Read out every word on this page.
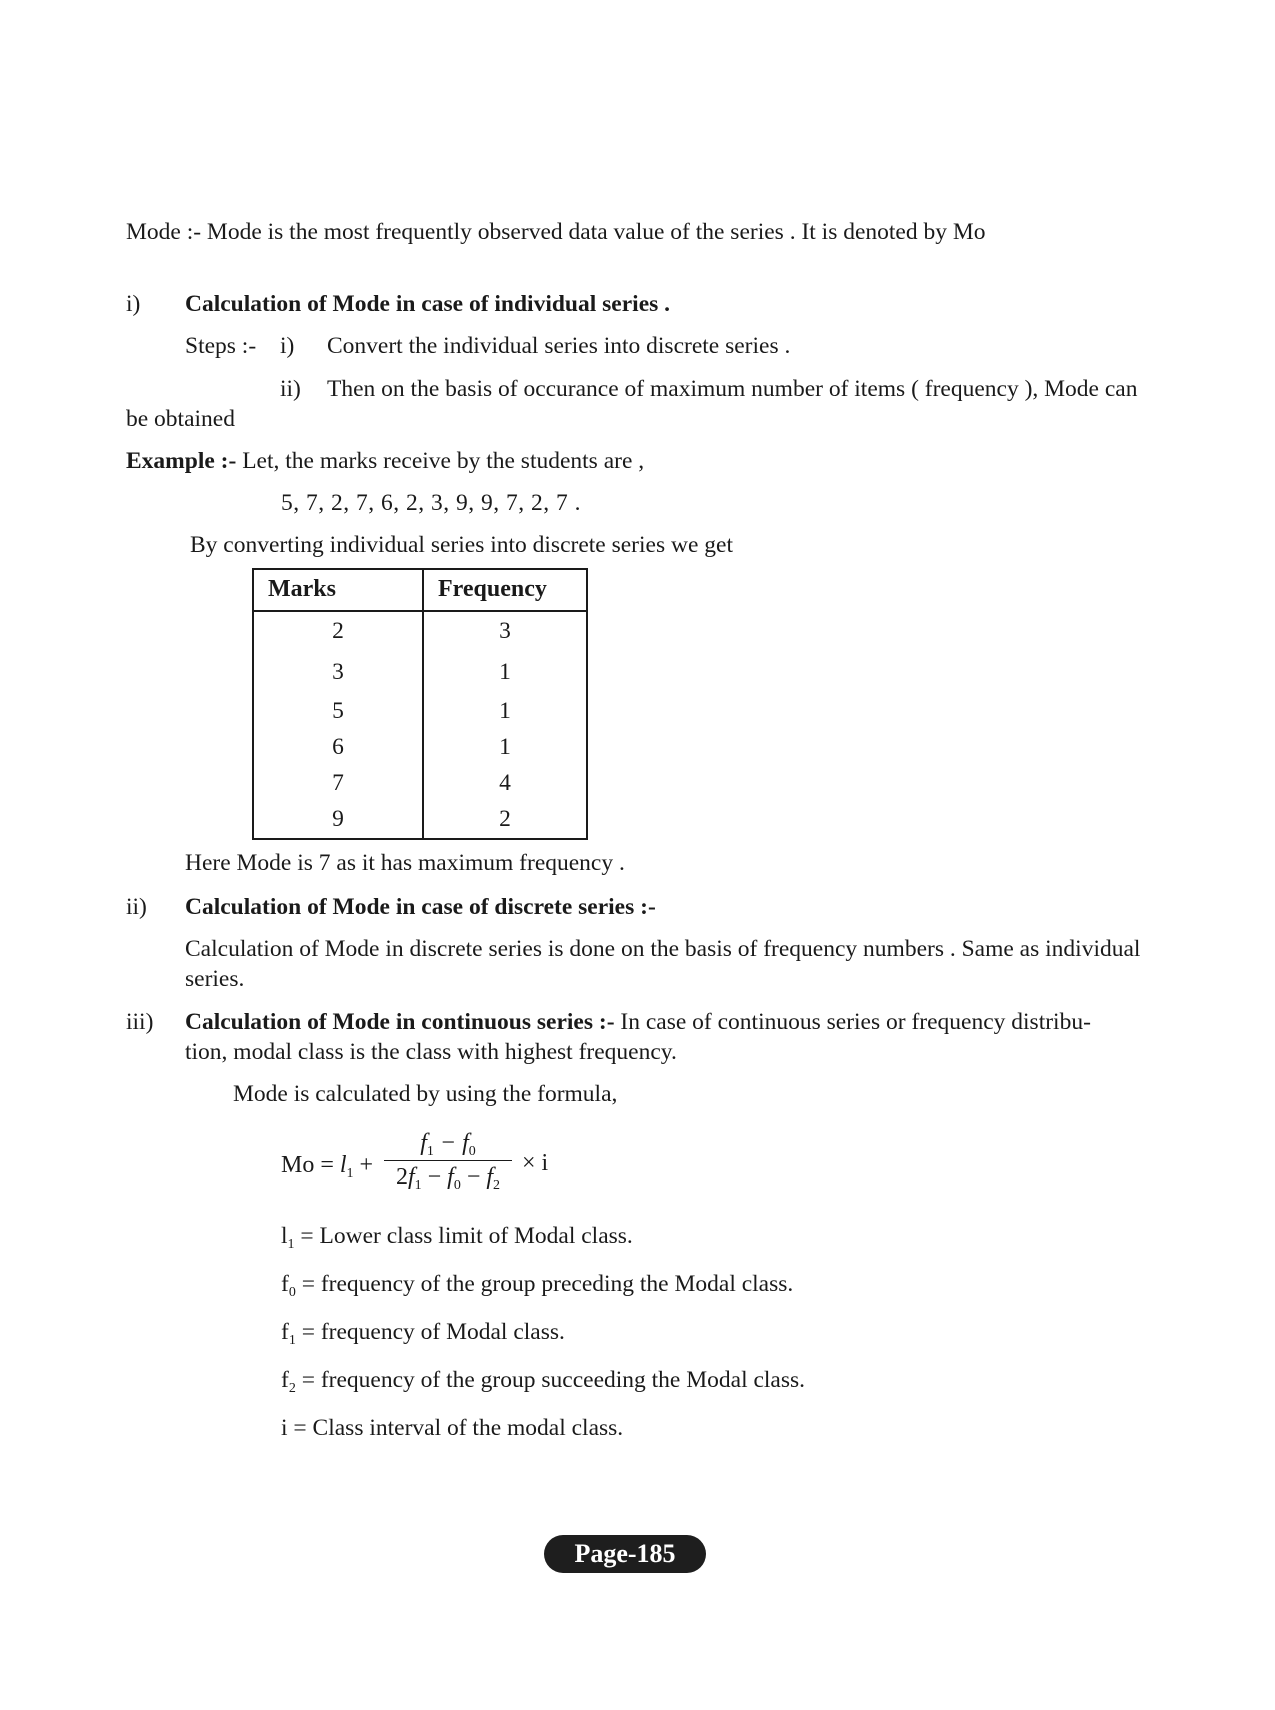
Mode :- Mode is the most frequently observed data value of the series . It is denoted by Mo
i) Calculation of Mode in case of individual series .
Steps :- i) Convert the individual series into discrete series .
ii) Then on the basis of occurance of maximum number of items ( frequency ), Mode can
be obtained
Example :- Let, the marks receive by the students are ,
5, 7, 2, 7, 6, 2, 3, 9, 9, 7, 2, 7 .
By converting individual series into discrete series we get
Marks	Frequency
2	3
3	1
5	1
6	1
7	4
9	2
Here Mode is 7 as it has maximum frequency .
ii) Calculation of Mode in case of discrete series :-
Calculation of Mode in discrete series is done on the basis of frequency numbers . Same as individual
series.
iii) Calculation of Mode in continuous series :- In case of continuous series or frequency distribu-
tion, modal class is the class with highest frequency.
Mode is calculated by using the formula,
$Mo = l_1$ +
$f_1 - f_0$
$2f_1 - f_0 - f_2$
× i
$l_1$ = Lower class limit of Modal class.
$f_0$ = frequency of the group preceding the Modal class.
$f_1$ = frequency of Modal class.
$f_2$ = frequency of the group succeeding the Modal class.
i = Class interval of the modal class.
Page-185
